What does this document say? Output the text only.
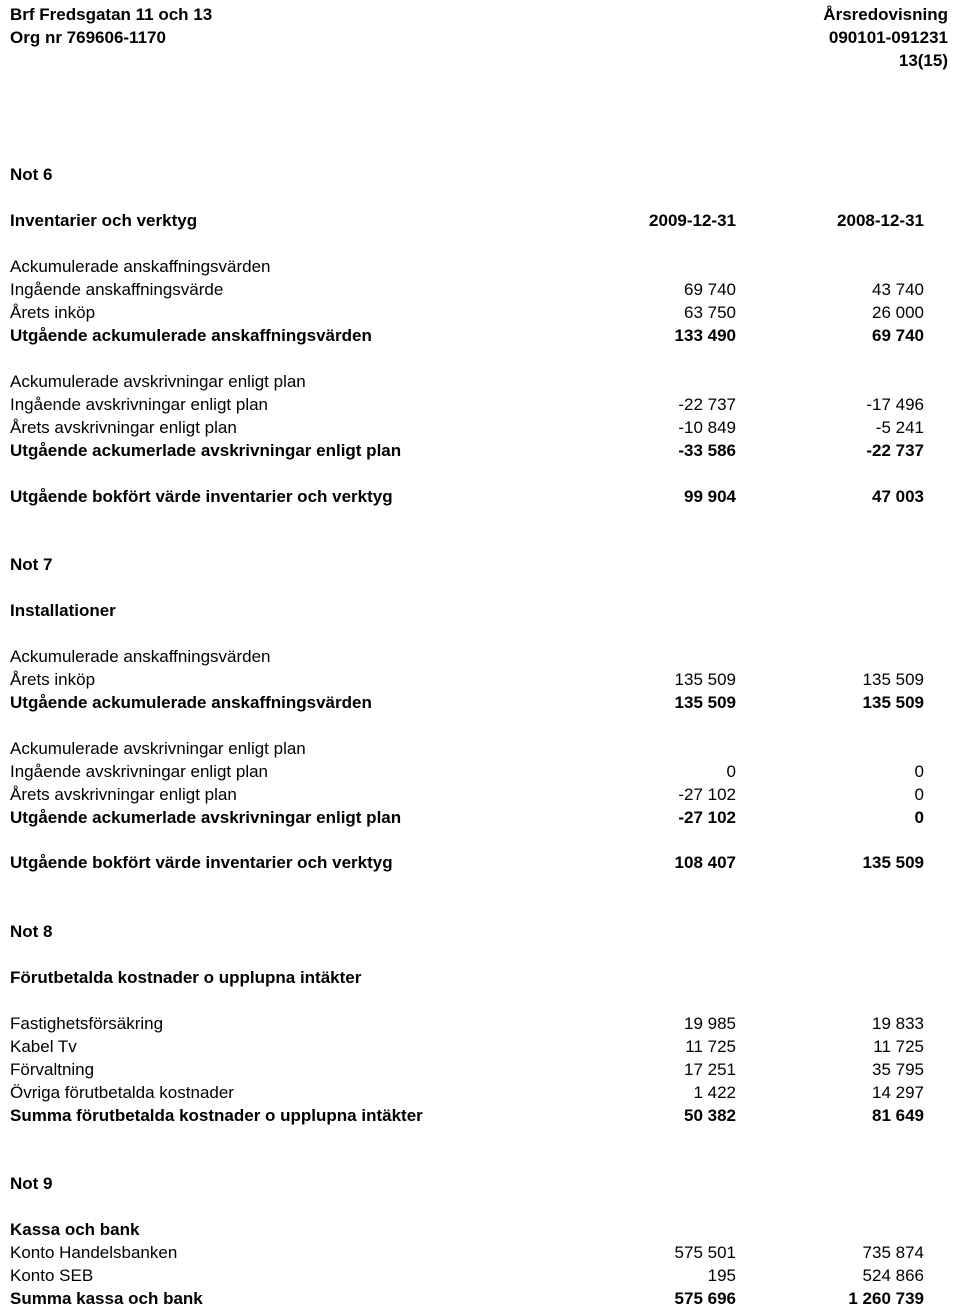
Brf Fredsgatan 11 och 13	Årsredovisning
Org nr 769606-1170	090101-091231
13(15)
Not 6
Inventarier och verktyg	2009-12-31	2008-12-31
Ackumulerade anskaffningsvärden
Ingående anskaffningsvärde	69 740	43 740
Årets inköp	63 750	26 000
Utgående ackumulerade anskaffningsvärden	133 490	69 740
Ackumulerade avskrivningar enligt plan
Ingående avskrivningar enligt plan	-22 737	-17 496
Årets avskrivningar enligt plan	-10 849	-5 241
Utgående ackumerlade avskrivningar enligt plan	-33 586	-22 737
Utgående bokfört värde inventarier och verktyg	99 904	47 003
Not 7
Installationer
Ackumulerade anskaffningsvärden
Årets inköp	135 509	135 509
Utgående ackumulerade anskaffningsvärden	135 509	135 509
Ackumulerade avskrivningar enligt plan
Ingående avskrivningar enligt plan	0	0
Årets avskrivningar enligt plan	-27 102	0
Utgående ackumerlade avskrivningar enligt plan	-27 102	0
Utgående bokfört värde inventarier och verktyg	108 407	135 509
Not 8
Förutbetalda kostnader o upplupna intäkter
Fastighetsförsäkring	19 985	19 833
Kabel Tv	11 725	11 725
Förvaltning	17 251	35 795
Övriga förutbetalda kostnader	1 422	14 297
Summa förutbetalda kostnader o upplupna intäkter	50 382	81 649
Not 9
Kassa och bank
Konto Handelsbanken	575 501	735 874
Konto SEB	195	524 866
Summa kassa och bank	575 696	1 260 739
